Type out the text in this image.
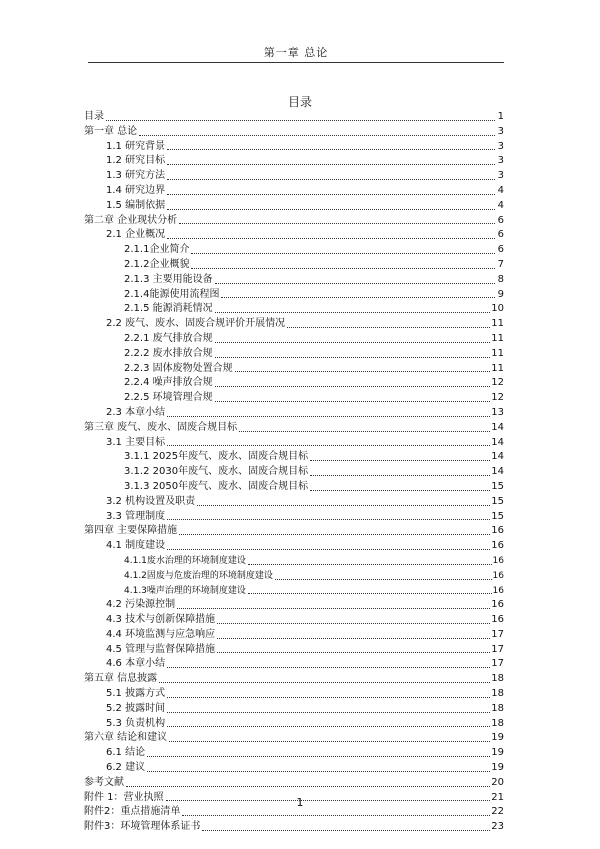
第一章 总论
目录
目录	1
第一章 总论	3
1.1 研究背景	3
1.2 研究目标	3
1.3 研究方法	3
1.4 研究边界	4
1.5 编制依据	4
第二章 企业现状分析	6
2.1 企业概况	6
2.1.1企业简介	6
2.1.2企业概貌	7
2.1.3 主要用能设备	8
2.1.4能源使用流程图	9
2.1.5 能源消耗情况	10
2.2 废气、废水、固废合规评价开展情况	11
2.2.1 废气排放合规	11
2.2.2 废水排放合规	11
2.2.3 固体废物处置合规	11
2.2.4 噪声排放合规	12
2.2.5 环境管理合规	12
2.3 本章小结	13
第三章 废气、废水、固废合规目标	14
3.1 主要目标	14
3.1.1 2025年废气、废水、固废合规目标	14
3.1.2 2030年废气、废水、固废合规目标	14
3.1.3 2050年废气、废水、固废合规目标	15
3.2 机构设置及职责	15
3.3 管理制度	15
第四章 主要保障措施	16
4.1 制度建设	16
4.1.1废水治理的环境制度建设	16
4.1.2固废与危废治理的环境制度建设	16
4.1.3噪声治理的环境制度建设	16
4.2 污染源控制	16
4.3 技术与创新保障措施	16
4.4 环境监测与应急响应	17
4.5 管理与监督保障措施	17
4.6 本章小结	17
第五章 信息披露	18
5.1 披露方式	18
5.2 披露时间	18
5.3 负责机构	18
第六章 结论和建议	19
6.1 结论	19
6.2 建议	19
参考文献	20
附件 1：营业执照	21
附件2：重点措施清单	22
附件3：环境管理体系证书	23
1
